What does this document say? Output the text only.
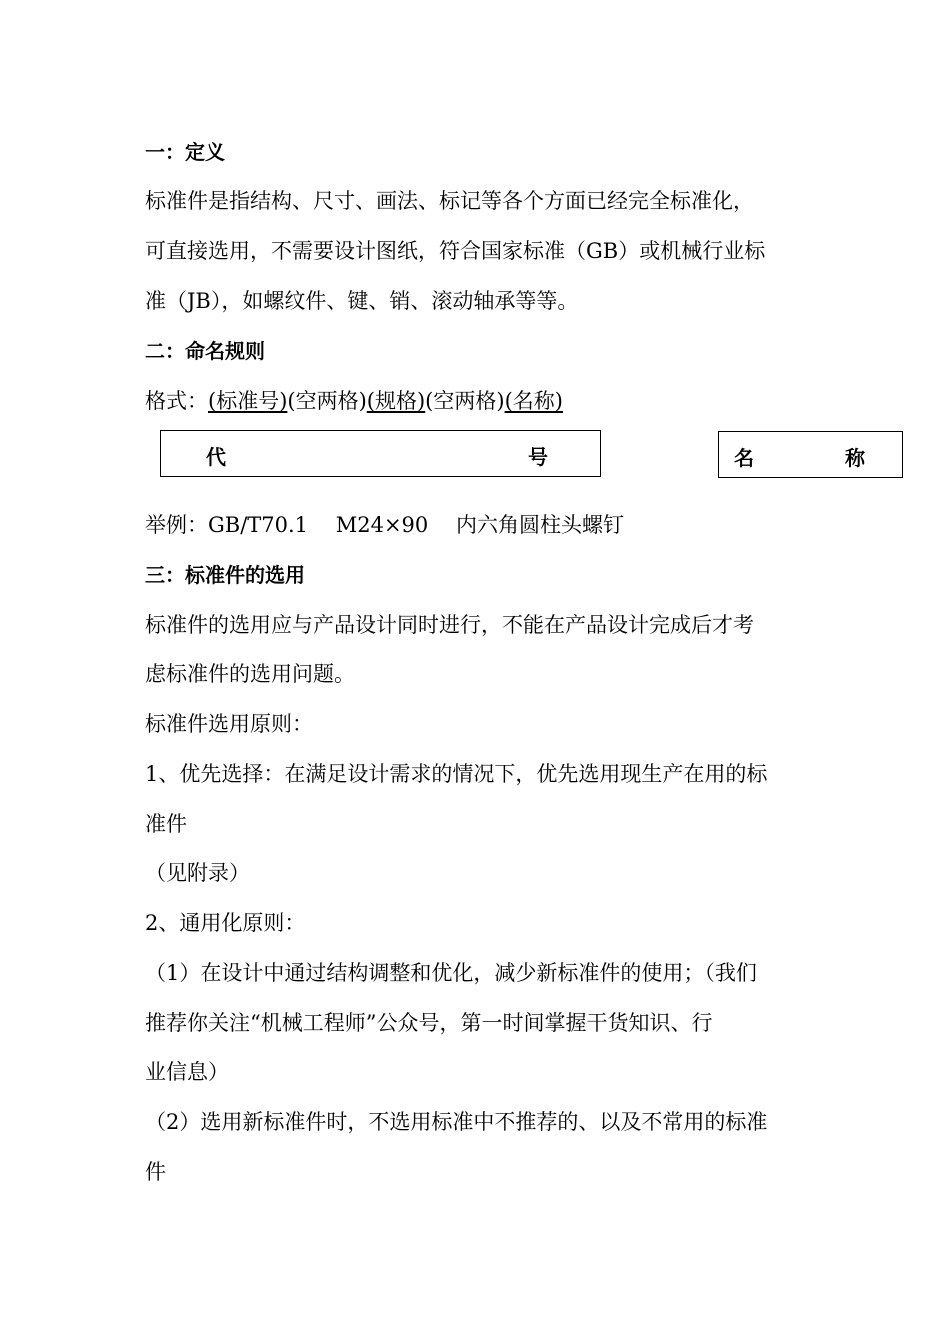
一：定义
标准件是指结构、尺寸、画法、标记等各个方面已经完全标准化，
可直接选用，不需要设计图纸，符合国家标准（GB）或机械行业标
准（JB），如螺纹件、键、销、滚动轴承等等。
二：命名规则
格式：(标准号)(空两格)(规格)(空两格)(名称)
代	号	名	称
举例：GB/T70.1　 M24×90　 内六角圆柱头螺钉
三：标准件的选用
标准件的选用应与产品设计同时进行，不能在产品设计完成后才考
虑标准件的选用问题。
标准件选用原则：
1、优先选择：在满足设计需求的情况下，优先选用现生产在用的标
准件
（见附录）
2、通用化原则：
（1）在设计中通过结构调整和优化，减少新标准件的使用；（我们
推荐你关注“机械工程师”公众号，第一时间掌握干货知识、行
业信息）
（2）选用新标准件时，不选用标准中不推荐的、以及不常用的标准
件
